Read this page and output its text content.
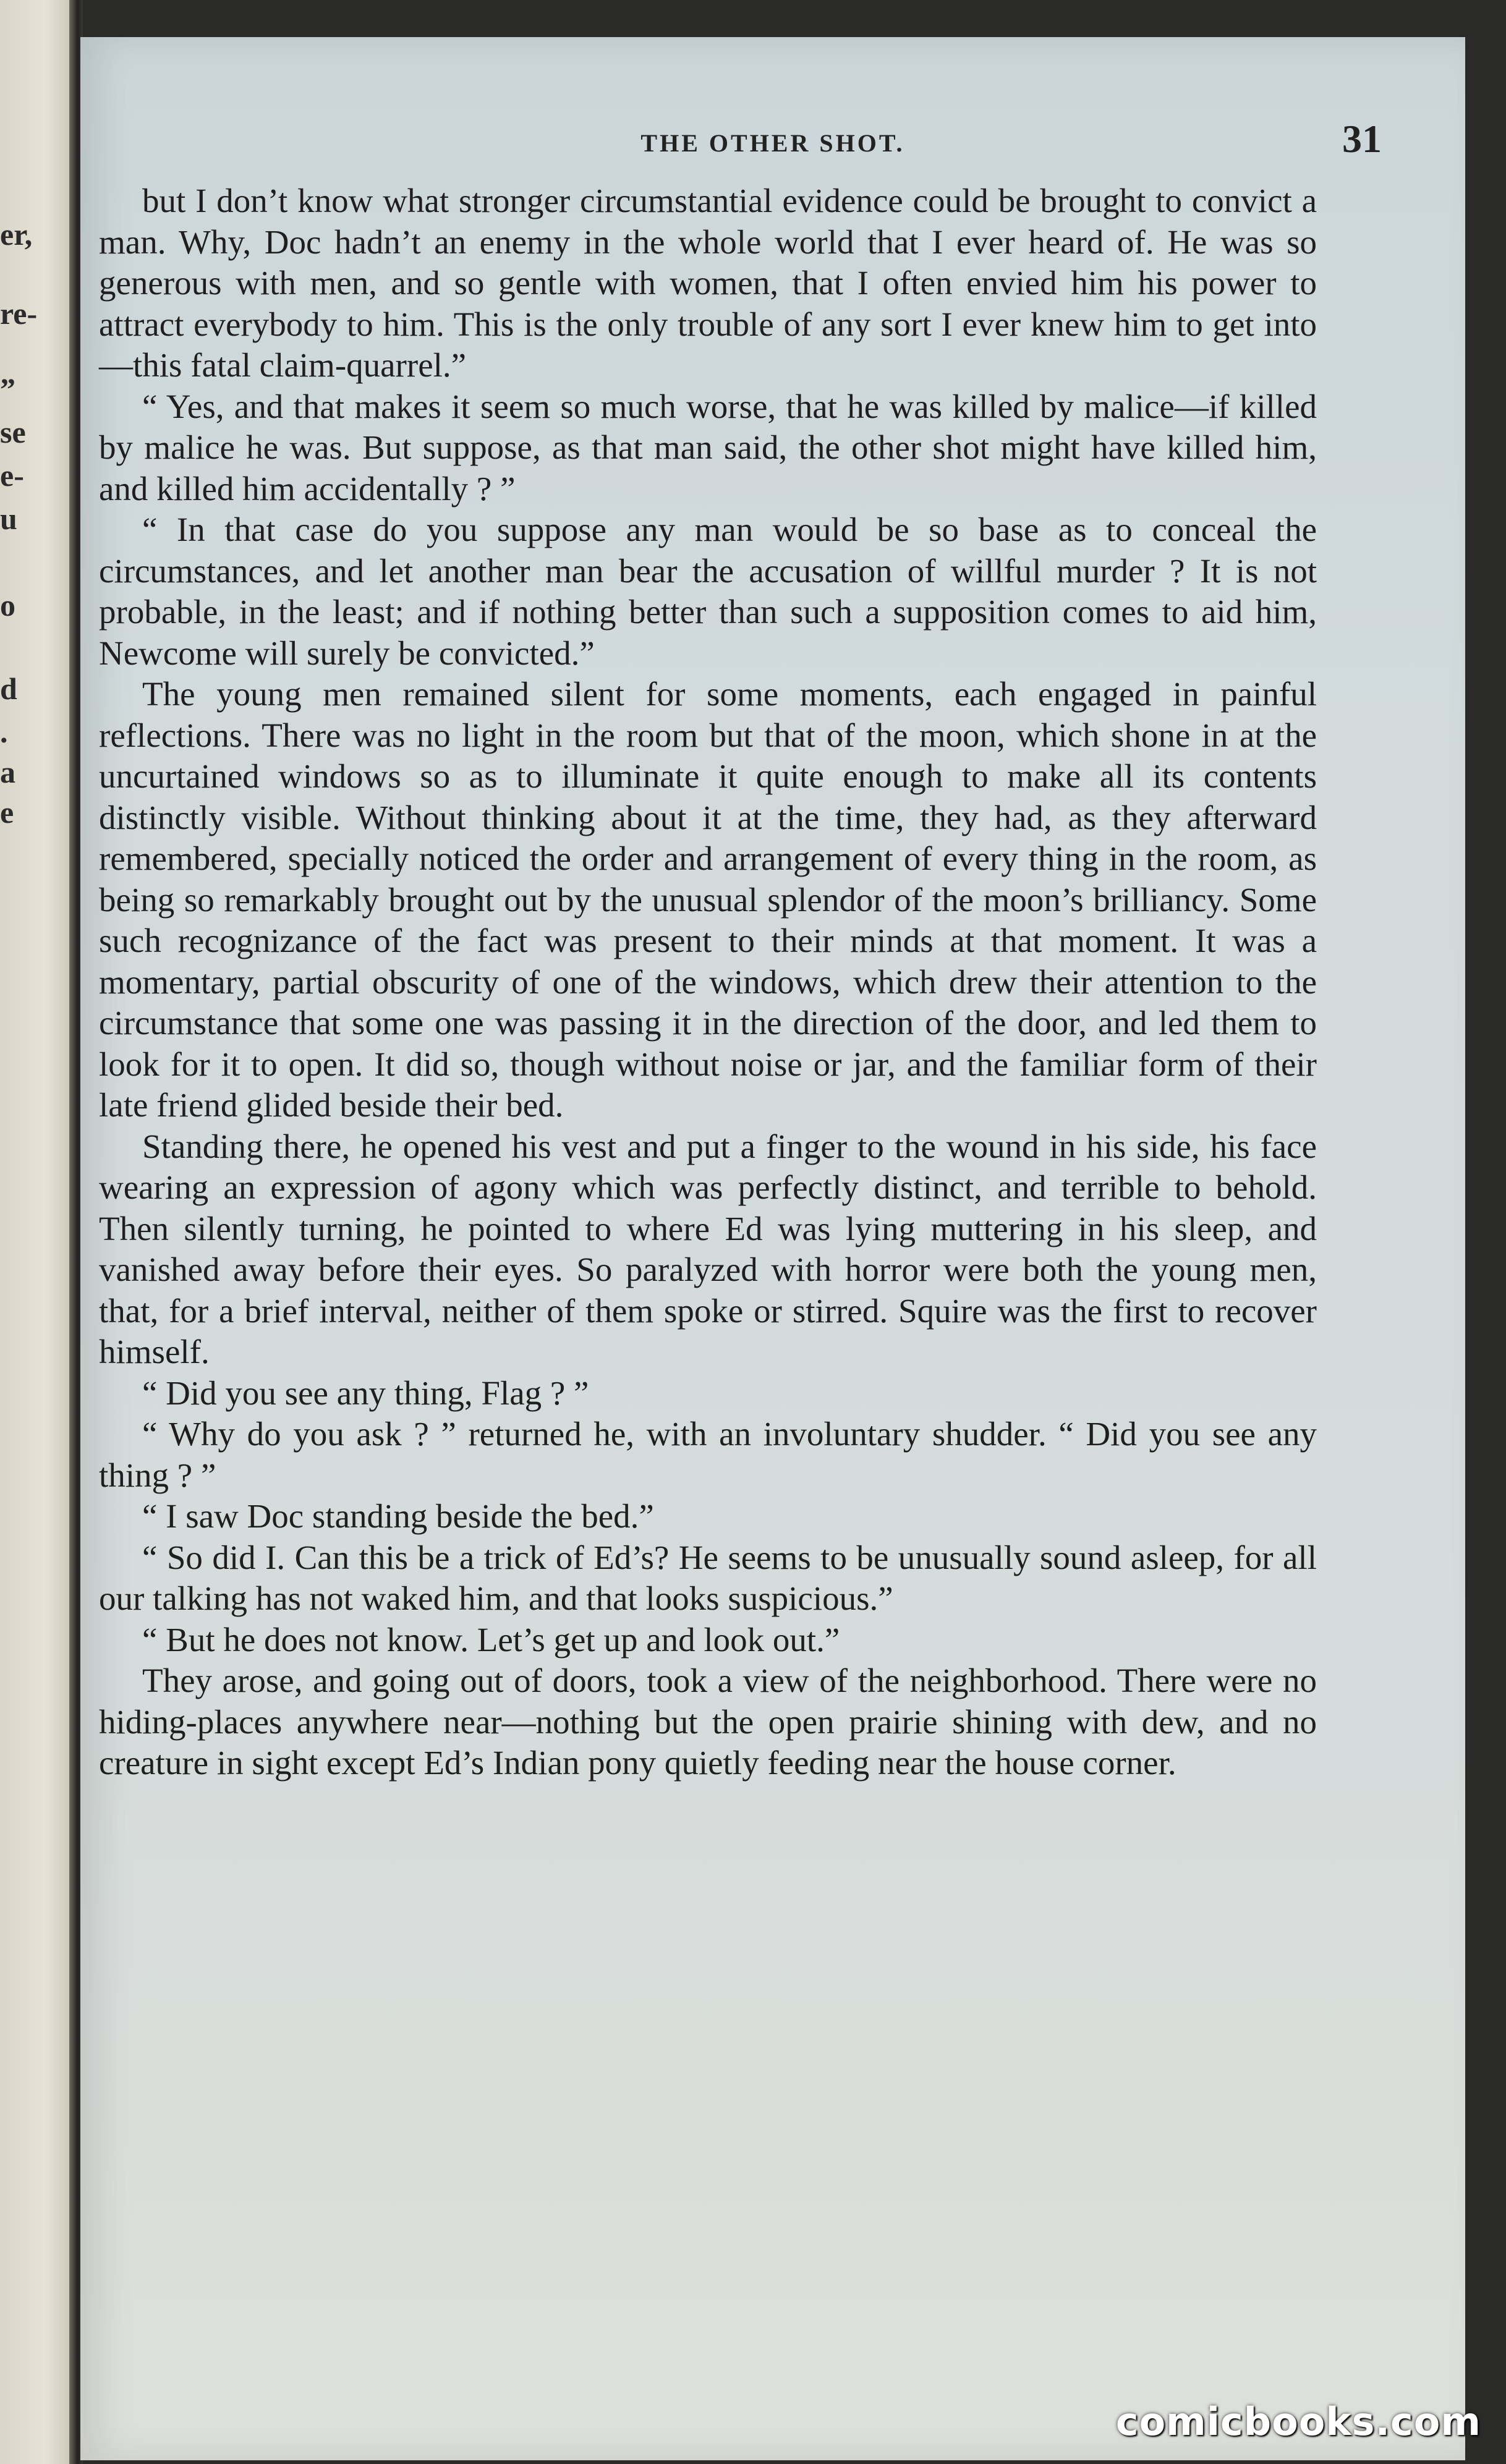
er,
re-
”
se
e-
u
o
d
.
a
e
THE OTHER SHOT.	31

but I don’t know what stronger circumstantial evidence could be brought to convict a man. Why, Doc hadn’t an enemy in the whole world that I ever heard of. He was so generous with men, and so gentle with women, that I often envied him his power to attract everybody to him. This is the only trouble of any sort I ever knew him to get into—this fatal claim-quarrel.”

“ Yes, and that makes it seem so much worse, that he was killed by malice—if killed by malice he was. But suppose, as that man said, the other shot might have killed him, and killed him accidentally ? ”

“ In that case do you suppose any man would be so base as to conceal the circumstances, and let another man bear the accusation of willful murder ? It is not probable, in the least; and if nothing better than such a supposition comes to aid him, Newcome will surely be convicted.”

The young men remained silent for some moments, each engaged in painful reflections. There was no light in the room but that of the moon, which shone in at the uncurtained windows so as to illuminate it quite enough to make all its contents distinctly visible. Without thinking about it at the time, they had, as they afterward remembered, specially noticed the order and arrangement of every thing in the room, as being so remarkably brought out by the unusual splendor of the moon’s brilliancy. Some such recognizance of the fact was present to their minds at that moment. It was a momentary, partial obscurity of one of the windows, which drew their attention to the circumstance that some one was passing it in the direction of the door, and led them to look for it to open. It did so, though without noise or jar, and the familiar form of their late friend glided beside their bed.

Standing there, he opened his vest and put a finger to the wound in his side, his face wearing an expression of agony which was perfectly distinct, and terrible to behold. Then silently turning, he pointed to where Ed was lying muttering in his sleep, and vanished away before their eyes. So paralyzed with horror were both the young men, that, for a brief interval, neither of them spoke or stirred. Squire was the first to recover himself.

“ Did you see any thing, Flag ? ”

“ Why do you ask ? ” returned he, with an involuntary shudder. “ Did you see any thing ? ”

“ I saw Doc standing beside the bed.”

“ So did I. Can this be a trick of Ed’s? He seems to be unusually sound asleep, for all our talking has not waked him, and that looks suspicious.”

“ But he does not know. Let’s get up and look out.”

They arose, and going out of doors, took a view of the neighborhood. There were no hiding-places anywhere near—nothing but the open prairie shining with dew, and no creature in sight except Ed’s Indian pony quietly feeding near the house corner.

comicbooks.com
